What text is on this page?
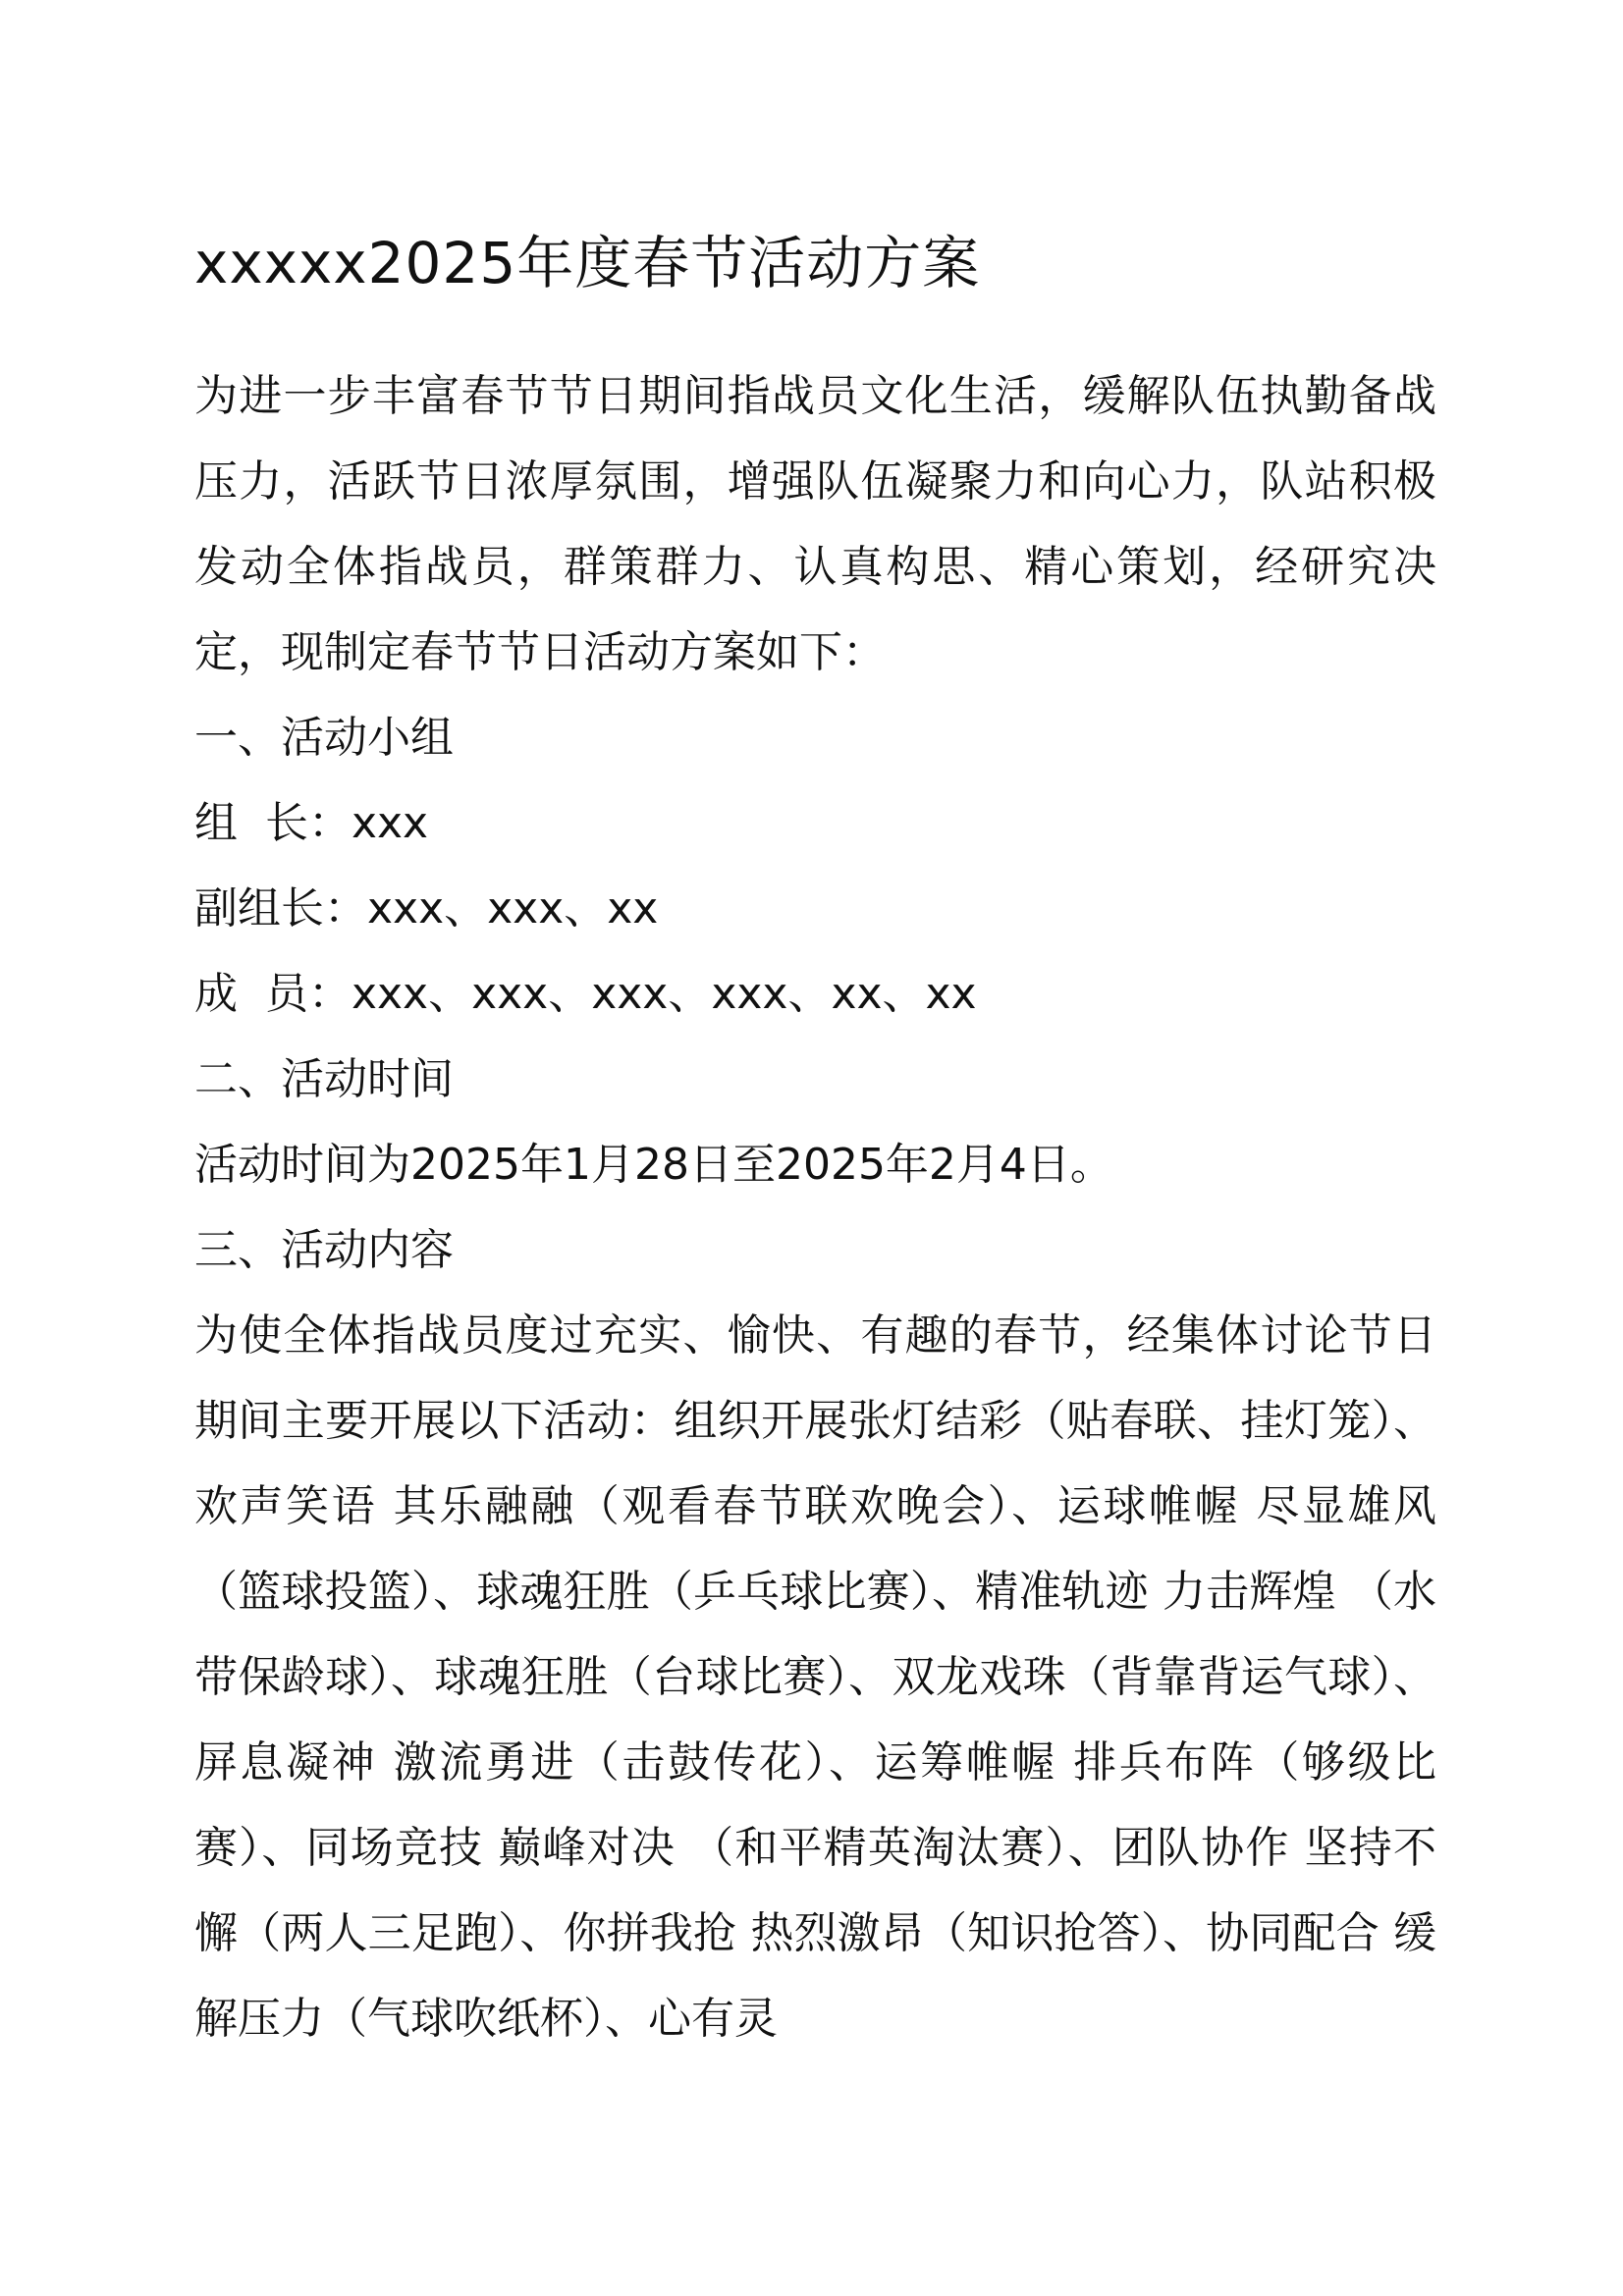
xxxxx2025年度春节活动方案

为进一步丰富春节节日期间指战员文化生活，缓解队伍执勤备战压力，活跃节日浓厚氛围，增强队伍凝聚力和向心力，队站积极发动全体指战员，群策群力、认真构思、精心策划，经研究决定，现制定春节节日活动方案如下：

一、活动小组

组  长：xxx

副组长：xxx、xxx、xx

成  员：xxx、xxx、xxx、xxx、xx、xx

二、活动时间

活动时间为2025年1月28日至2025年2月4日。

三、活动内容

为使全体指战员度过充实、愉快、有趣的春节，经集体讨论节日期间主要开展以下活动：组织开展张灯结彩（贴春联、挂灯笼）、欢声笑语 其乐融融（观看春节联欢晚会）、运球帷幄 尽显雄风（篮球投篮）、球魂狂胜（乒乓球比赛）、精准轨迹 力击辉煌 （水带保龄球）、球魂狂胜（台球比赛）、双龙戏珠（背靠背运气球）、屏息凝神 激流勇进（击鼓传花）、运筹帷幄 排兵布阵（够级比赛）、同场竞技 巅峰对决 （和平精英淘汰赛）、团队协作 坚持不懈（两人三足跑）、你拼我抢 热烈激昂（知识抢答）、协同配合 缓解压力（气球吹纸杯）、心有灵
